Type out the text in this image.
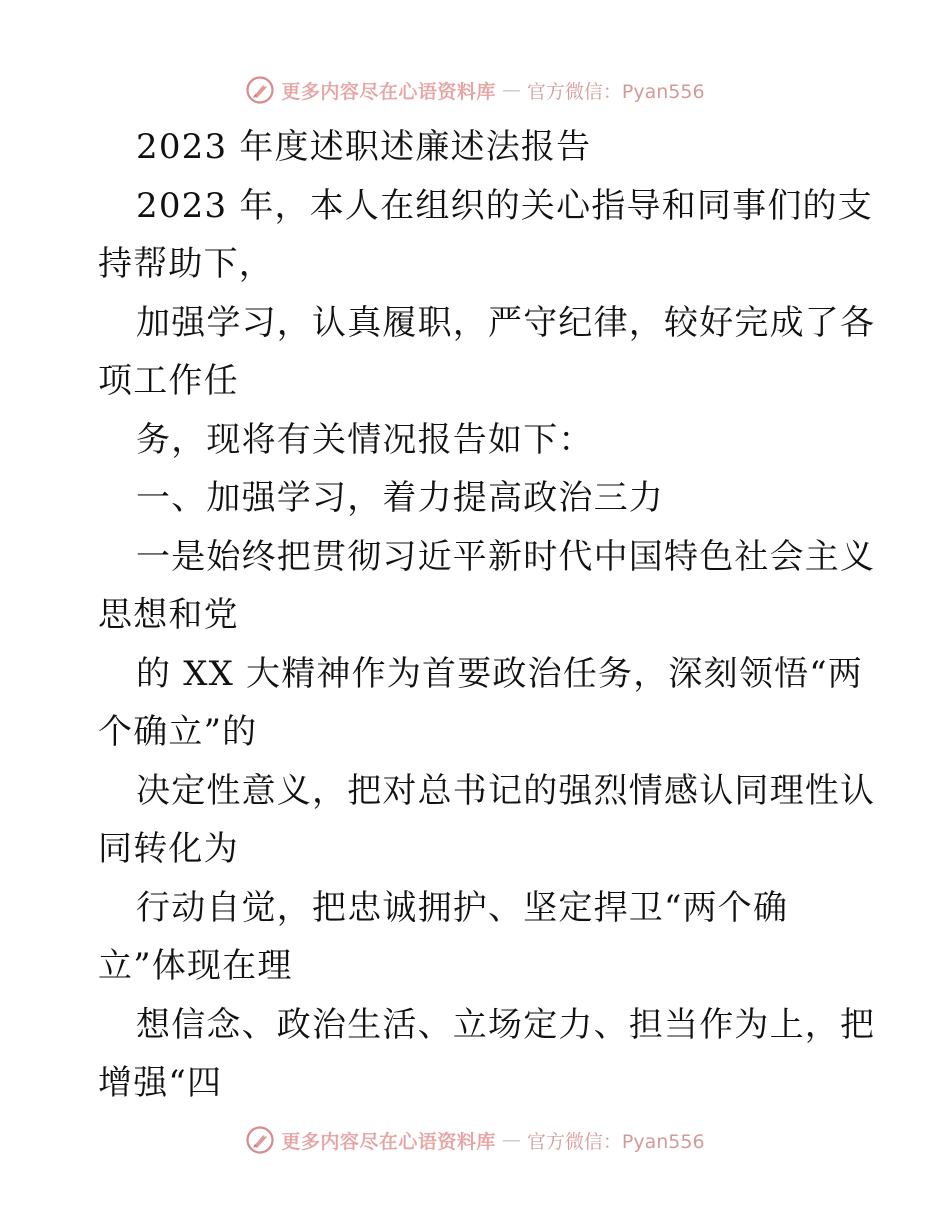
更多内容尽在心语资料库 — 官方微信：Pyan556
2023 年度述职述廉述法报告
2023 年，本人在组织的关心指导和同事们的支
持帮助下，
加强学习，认真履职，严守纪律，较好完成了各
项工作任
务，现将有关情况报告如下：
一、加强学习，着力提高政治三力
一是始终把贯彻习近平新时代中国特色社会主义
思想和党
的 XX 大精神作为首要政治任务，深刻领悟“两
个确立”的
决定性意义，把对总书记的强烈情感认同理性认
同转化为
行动自觉，把忠诚拥护、坚定捍卫“两个确
立”体现在理
想信念、政治生活、立场定力、担当作为上，把
增强“四
更多内容尽在心语资料库 — 官方微信：Pyan556
